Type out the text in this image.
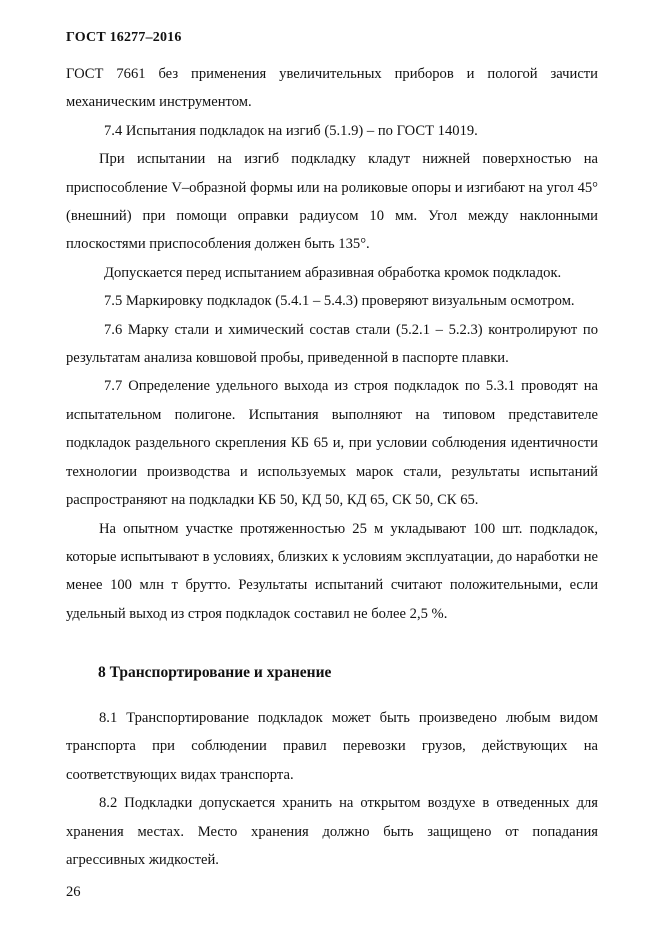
ГОСТ 16277–2016

ГОСТ 7661 без применения увеличительных приборов и пологой зачисти механическим инструментом.

7.4 Испытания подкладок на изгиб (5.1.9) – по ГОСТ 14019.

При испытании на изгиб подкладку кладут нижней поверхностью на приспособление V–образной формы или на роликовые опоры и изгибают на угол 45° (внешний) при помощи оправки радиусом 10 мм. Угол между наклонными плоскостями приспособления должен быть 135°.

Допускается перед испытанием абразивная обработка кромок подкладок.

7.5 Маркировку подкладок (5.4.1 – 5.4.3) проверяют визуальным осмотром.

7.6 Марку стали и химический состав стали (5.2.1 – 5.2.3) контролируют по результатам анализа ковшовой пробы, приведенной в паспорте плавки.

7.7 Определение удельного выхода из строя подкладок по 5.3.1 проводят на испытательном полигоне. Испытания выполняют на типовом представителе подкладок раздельного скрепления КБ 65 и, при условии соблюдения идентичности технологии производства и используемых марок стали, результаты испытаний распространяют на подкладки КБ 50, КД 50, КД 65, СК 50, СК 65.

На опытном участке протяженностью 25 м укладывают 100 шт. подкладок, которые испытывают в условиях, близких к условиям эксплуатации, до наработки не менее 100 млн т брутто. Результаты испытаний считают положительными, если удельный выход из строя подкладок составил не более 2,5 %.

8 Транспортирование и хранение

8.1 Транспортирование подкладок может быть произведено любым видом транспорта при соблюдении правил перевозки грузов, действующих на соответствующих видах транспорта.

8.2 Подкладки допускается хранить на открытом воздухе в отведенных для хранения местах. Место хранения должно быть защищено от попадания агрессивных жидкостей.

26
